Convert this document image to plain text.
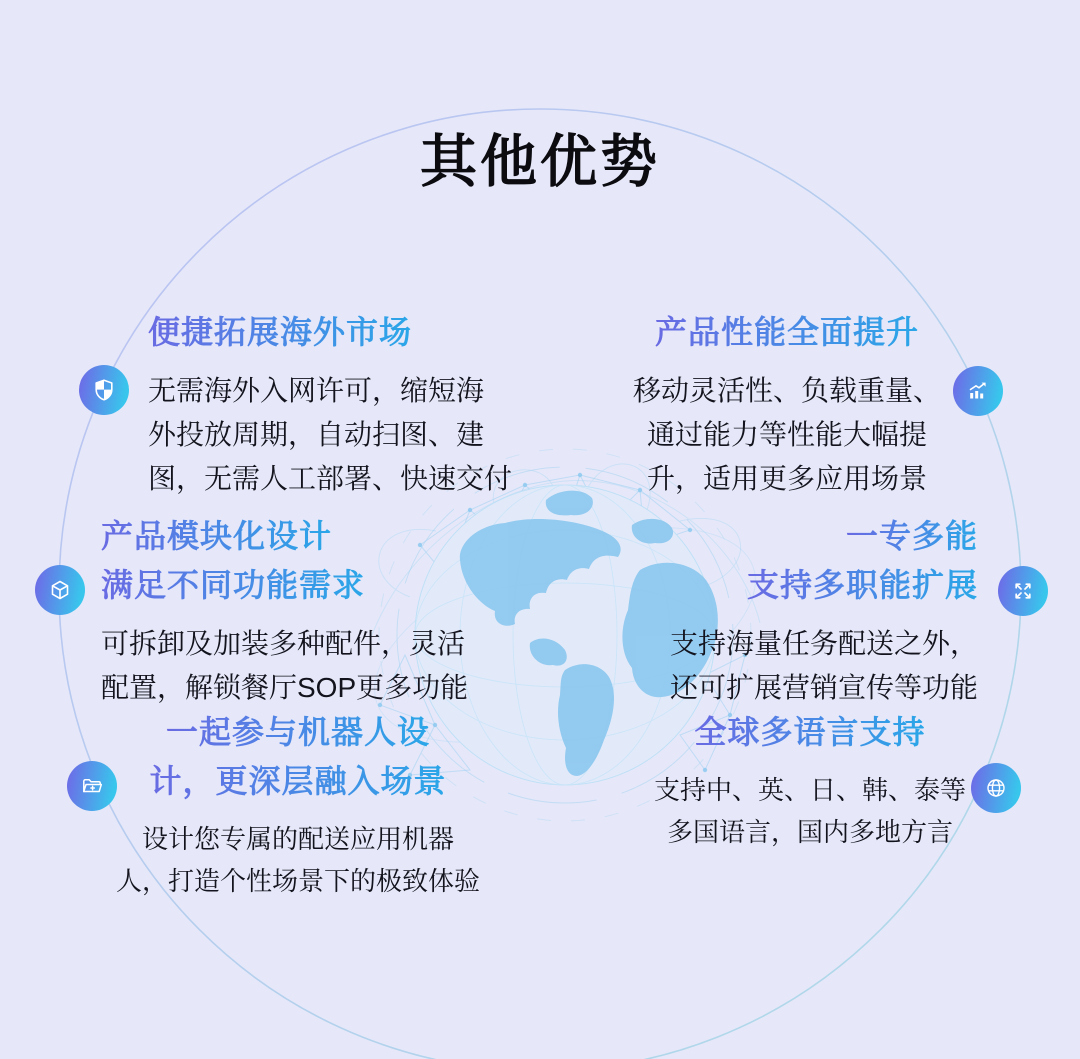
其他优势
便捷拓展海外市场
无需海外入网许可，缩短海
外投放周期，自动扫图、建
图，无需人工部署、快速交付
产品性能全面提升
移动灵活性、负载重量、
通过能力等性能大幅提
升，适用更多应用场景
产品模块化设计
满足不同功能需求
可拆卸及加装多种配件，灵活
配置，解锁餐厅SOP更多功能
一专多能
支持多职能扩展
支持海量任务配送之外，
还可扩展营销宣传等功能
一起参与机器人设
计，更深层融入场景
设计您专属的配送应用机器
人，打造个性场景下的极致体验
全球多语言支持
支持中、英、日、韩、泰等
多国语言，国内多地方言
